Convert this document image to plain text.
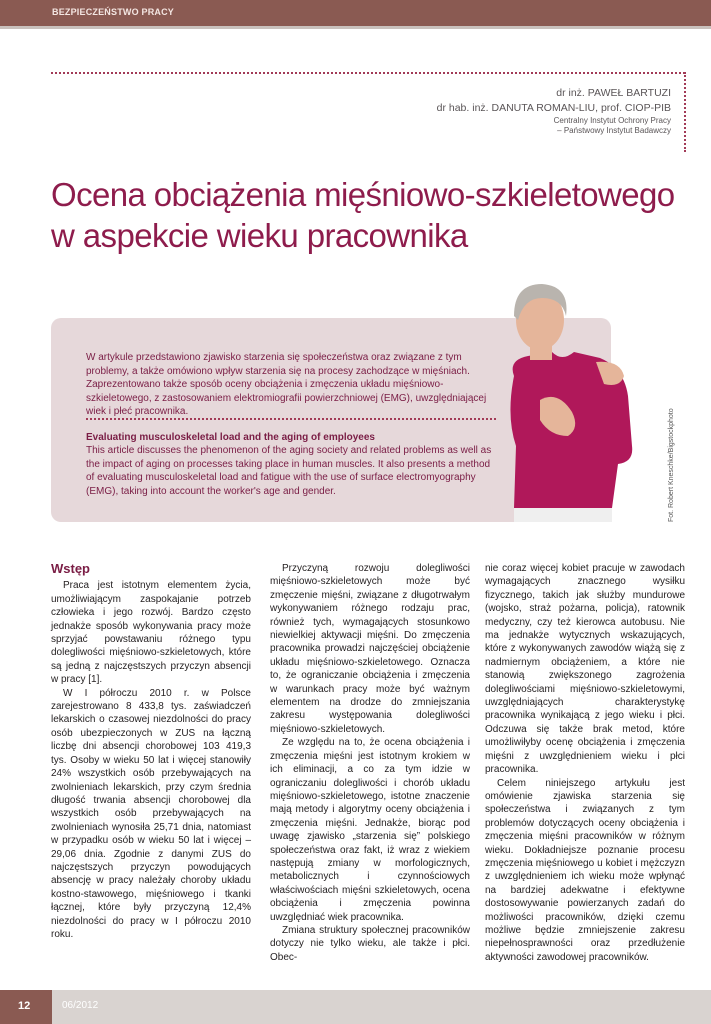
BEZPIECZEŃSTWO PRACY
dr inż. PAWEŁ BARTUZI
dr hab. inż. DANUTA ROMAN-LIU, prof. CIOP-PIB
Centralny Instytut Ochrony Pracy
– Państwowy Instytut Badawczy
Ocena obciążenia mięśniowo-szkieletowego
w aspekcie wieku pracownika
W artykule przedstawiono zjawisko starzenia się społeczeństwa oraz związane z tym problemy, a także omówiono wpływ starzenia się na procesy zachodzące w mięśniach. Zaprezentowano także sposób oceny obciążenia i zmęczenia układu mięśniowo-szkieletowego, z zastosowaniem elektromiografii powierzchniowej (EMG), uwzględniającej wiek i płeć pracownika.
Evaluating musculoskeletal load and the aging of employees
This article discusses the phenomenon of the aging society and related problems as well as the impact of aging on processes taking place in human muscles. It also presents a method of evaluating musculoskeletal load and fatigue with the use of surface electromyography (EMG), taking into account the worker's age and gender.	Fot. Robert Kneschke/Bigstockphoto
Wstęp

Praca jest istotnym elementem życia, umożliwiającym zaspokajanie potrzeb człowieka i jego rozwój. Bardzo często jednakże sposób wykonywania pracy może sprzyjać powstawaniu różnego typu dolegliwości mięśniowo-szkieletowych, które są jedną z najczęstszych przyczyn absencji w pracy [1].

W I półroczu 2010 r. w Polsce zarejestrowano 8 433,8 tys. zaświadczeń lekarskich o czasowej niezdolności do pracy osób ubezpieczonych w ZUS na łączną liczbę dni absencji chorobowej 103 419,3 tys. Osoby w wieku 50 lat i więcej stanowiły 24% wszystkich osób przebywających na zwolnieniach lekarskich, przy czym średnia długość trwania absencji chorobowej dla wszystkich osób przebywających na zwolnieniach wynosiła 25,71 dnia, natomiast w przypadku osób w wieku 50 lat i więcej – 29,06 dnia. Zgodnie z danymi ZUS do najczęstszych przyczyn powodujących absencję w pracy należały choroby układu kostno-stawowego, mięśniowego i tkanki łącznej, które były przyczyną 12,4% niezdolności do pracy w I półroczu 2010 roku.

Przyczyną rozwoju dolegliwości mięśniowo-szkieletowych może być zmęczenie mięśni, związane z długotrwałym wykonywaniem różnego rodzaju prac, również tych, wymagających stosunkowo niewielkiej aktywacji mięśni. Do zmęczenia pracownika prowadzi najczęściej obciążenie układu mięśniowo-szkieletowego. Oznacza to, że ograniczanie obciążenia i zmęczenia w warunkach pracy może być ważnym elementem na drodze do zmniejszania zakresu występowania dolegliwości mięśniowo-szkieletowych.

Ze względu na to, że ocena obciążenia i zmęczenia mięśni jest istotnym krokiem w ich eliminacji, a co za tym idzie w ograniczaniu dolegliwości i chorób układu mięśniowo-szkieletowego, istotne znaczenie mają metody i algorytmy oceny obciążenia i zmęczenia mięśni. Jednakże, biorąc pod uwagę zjawisko „starzenia się” polskiego społeczeństwa oraz fakt, iż wraz z wiekiem następują zmiany w morfologicznych, metabolicznych i czynnościowych właściwościach mięśni szkieletowych, ocena obciążenia i zmęczenia powinna uwzględniać wiek pracownika.

Zmiana struktury społecznej pracowników dotyczy nie tylko wieku, ale także i płci. Obec-

nie coraz więcej kobiet pracuje w zawodach wymagających znacznego wysiłku fizycznego, takich jak służby mundurowe (wojsko, straż pożarna, policja), ratownik medyczny, czy też kierowca autobusu. Nie ma jednakże wytycznych wskazujących, które z wykonywanych zawodów wiążą się z nadmiernym obciążeniem, a które nie stanowią zwiększonego zagrożenia dolegliwościami mięśniowo-szkieletowymi, uwzględniających charakterystykę pracownika wynikającą z jego wieku i płci. Odczuwa się także brak metod, które umożliwiłyby ocenę obciążenia i zmęczenia mięśni z uwzględnieniem wieku i płci pracownika.

Celem niniejszego artykułu jest omówienie zjawiska starzenia się społeczeństwa i związanych z tym problemów dotyczących oceny obciążenia i zmęczenia mięśni pracowników w różnym wieku. Dokładniejsze poznanie procesu zmęczenia mięśniowego u kobiet i mężczyzn z uwzględnieniem ich wieku może wpłynąć na bardziej adekwatne i efektywne dostosowywanie powierzanych zadań do możliwości pracowników, dzięki czemu możliwe będzie zmniejszenie zakresu niepełnosprawności oraz przedłużenie aktywności zawodowej pracowników.

12	06/2012
